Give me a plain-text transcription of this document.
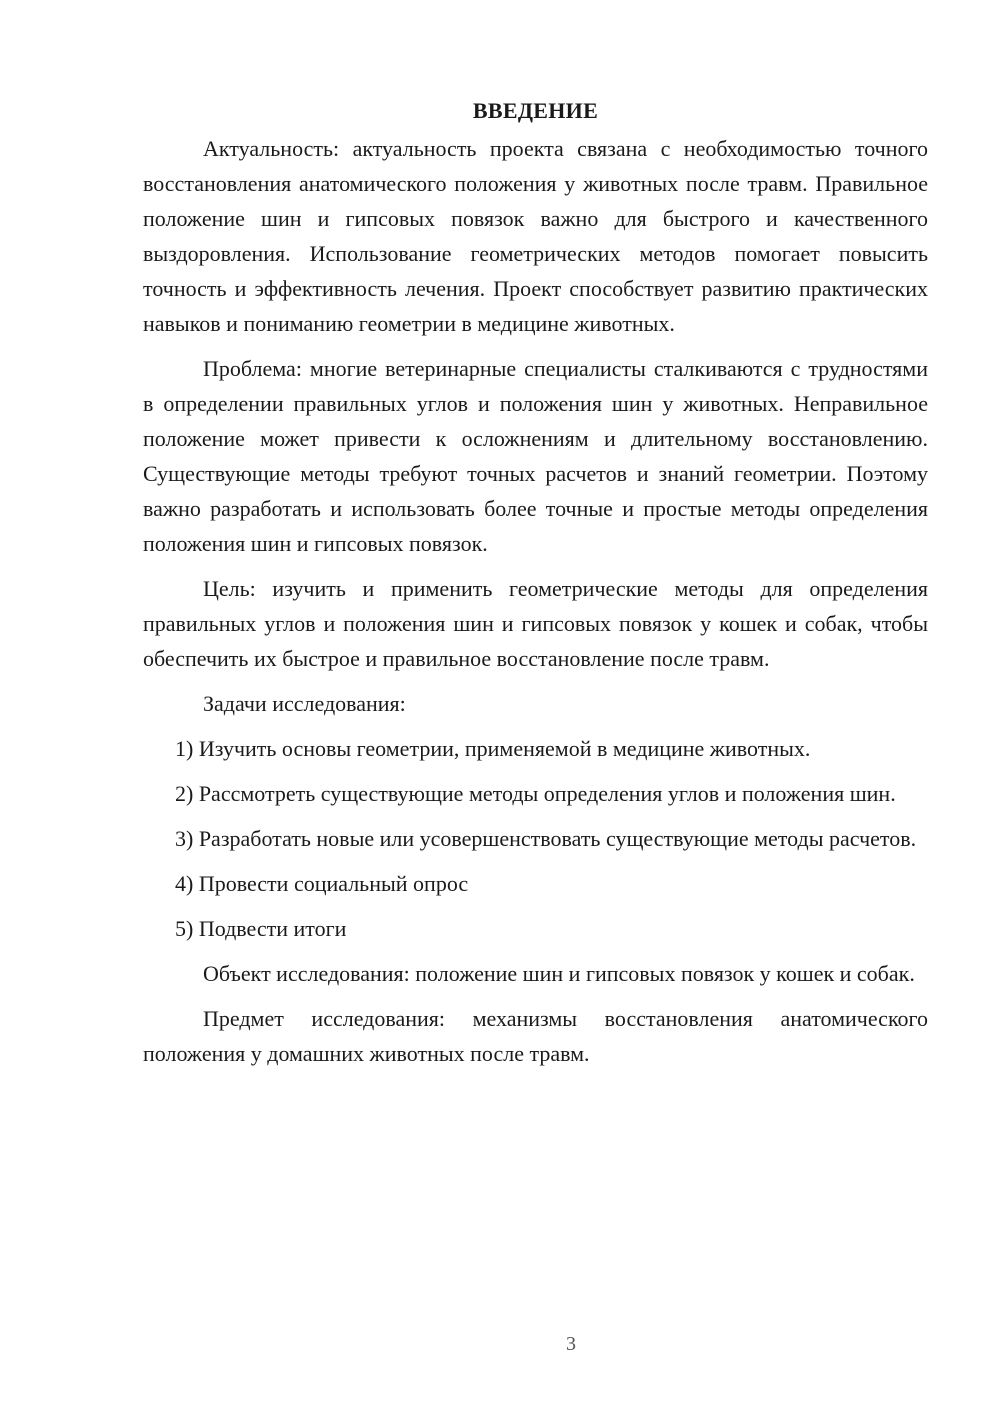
ВВЕДЕНИЕ

Актуальность: актуальность проекта связана с необходимостью точного восстановления анатомического положения у животных после травм. Правильное положение шин и гипсовых повязок важно для быстрого и качественного выздоровления. Использование геометрических методов помогает повысить точность и эффективность лечения. Проект способствует развитию практических навыков и пониманию геометрии в медицине животных.

Проблема: многие ветеринарные специалисты сталкиваются с трудностями в определении правильных углов и положения шин у животных. Неправильное положение может привести к осложнениям и длительному восстановлению. Существующие методы требуют точных расчетов и знаний геометрии. Поэтому важно разработать и использовать более точные и простые методы определения положения шин и гипсовых повязок.

Цель: изучить и применить геометрические методы для определения правильных углов и положения шин и гипсовых повязок у кошек и собак, чтобы обеспечить их быстрое и правильное восстановление после травм.

Задачи исследования:

1) Изучить основы геометрии, применяемой в медицине животных.

2) Рассмотреть существующие методы определения углов и положения шин.

3) Разработать новые или усовершенствовать существующие методы расчетов.

4) Провести социальный опрос

5) Подвести итоги

Объект исследования: положение шин и гипсовых повязок у кошек и собак.

Предмет исследования: механизмы восстановления анатомического положения у домашних животных после травм.

3
